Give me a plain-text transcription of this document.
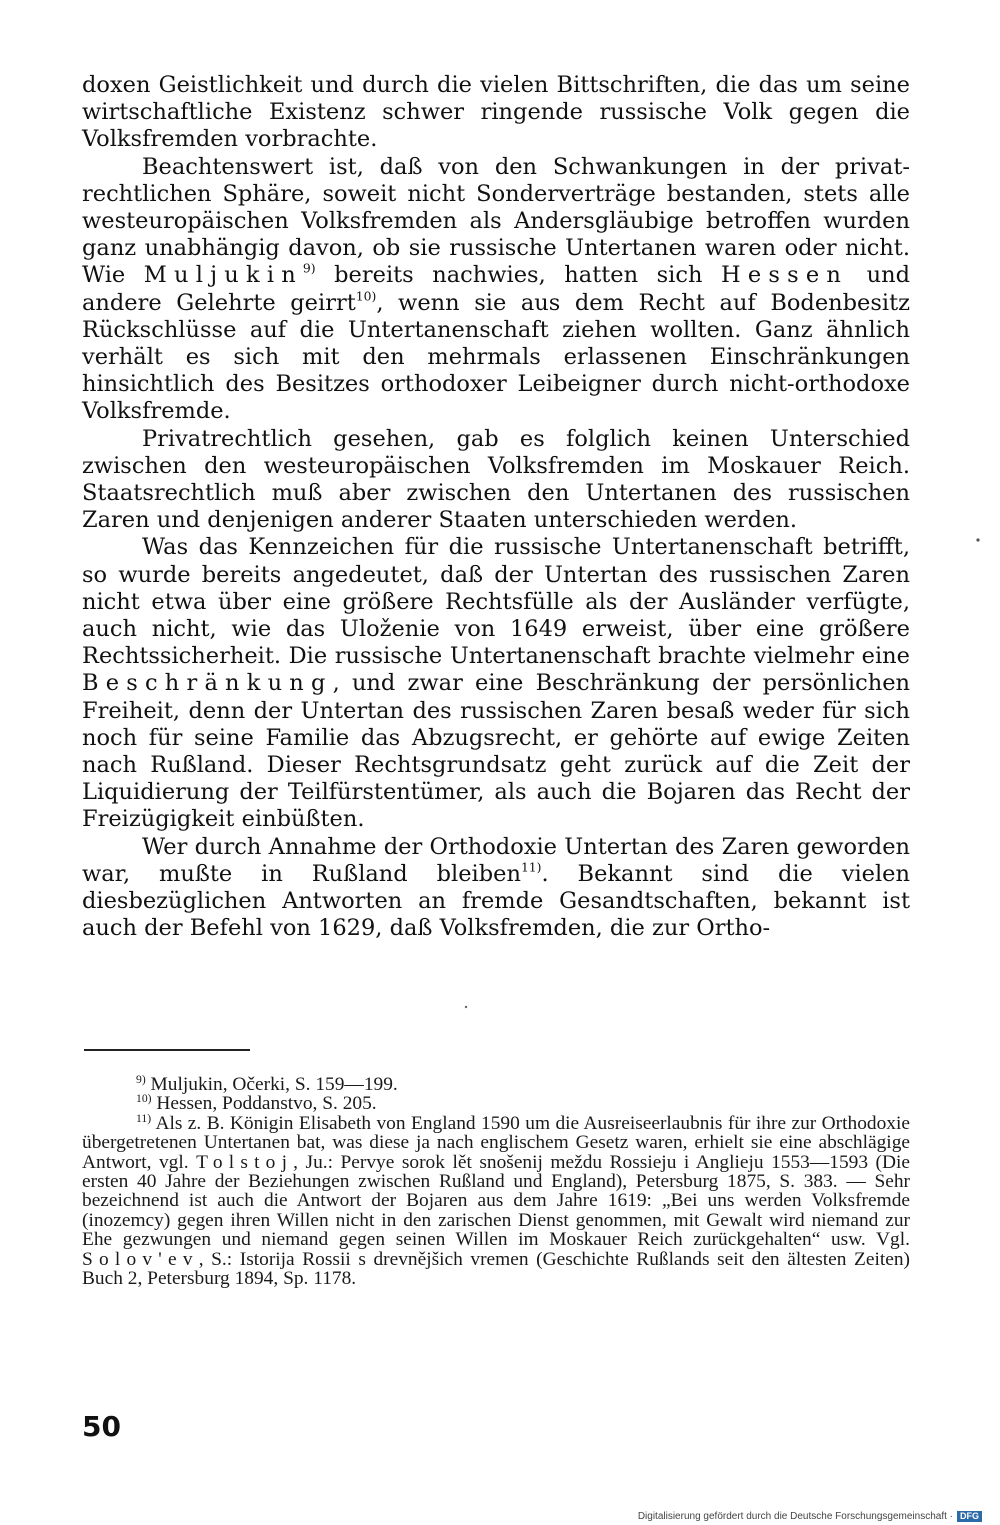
doxen Geistlichkeit und durch die vielen Bittschriften, die das um seine wirtschaftliche Existenz schwer ringende russische Volk gegen die Volksfremden vorbrachte.

Beachtenswert ist, daß von den Schwankungen in der privatrechtlichen Sphäre, soweit nicht Sonderverträge bestanden, stets alle westeuropäischen Volksfremden als Andersgläubige betroffen wurden ganz unabhängig davon, ob sie russische Untertanen waren oder nicht. Wie Muljukin$^{9)}$ bereits nachwies, hatten sich Hessen und andere Gelehrte geirrt$^{10)}$, wenn sie aus dem Recht auf Bodenbesitz Rückschlüsse auf die Untertanenschaft ziehen wollten. Ganz ähnlich verhält es sich mit den mehrmals erlassenen Einschränkungen hinsichtlich des Besitzes orthodoxer Leibeigner durch nicht-orthodoxe Volksfremde.

Privatrechtlich gesehen, gab es folglich keinen Unterschied zwischen den westeuropäischen Volksfremden im Moskauer Reich. Staatsrechtlich muß aber zwischen den Untertanen des russischen Zaren und denjenigen anderer Staaten unterschieden werden.

Was das Kennzeichen für die russische Untertanenschaft betrifft, so wurde bereits angedeutet, daß der Untertan des russischen Zaren nicht etwa über eine größere Rechtsfülle als der Ausländer verfügte, auch nicht, wie das Uloženie von 1649 erweist, über eine größere Rechtssicherheit. Die russische Untertanenschaft brachte vielmehr eine Beschränkung, und zwar eine Beschränkung der persönlichen Freiheit, denn der Untertan des russischen Zaren besaß weder für sich noch für seine Familie das Abzugsrecht, er gehörte auf ewige Zeiten nach Rußland. Dieser Rechtsgrundsatz geht zurück auf die Zeit der Liquidierung der Teilfürstentümer, als auch die Bojaren das Recht der Freizügigkeit einbüßten.

Wer durch Annahme der Orthodoxie Untertan des Zaren geworden war, mußte in Rußland bleiben$^{11)}$. Bekannt sind die vielen diesbezüglichen Antworten an fremde Gesandtschaften, bekannt ist auch der Befehl von 1629, daß Volksfremden, die zur Ortho-

$^{9)}$ Muljukin, Očerki, S. 159—199.

$^{10)}$ Hessen, Poddanstvo, S. 205.

$^{11)}$ Als z. B. Königin Elisabeth von England 1590 um die Ausreiseerlaubnis für ihre zur Orthodoxie übergetretenen Untertanen bat, was diese ja nach englischem Gesetz waren, erhielt sie eine abschlägige Antwort, vgl. Tolstoj, Ju.: Pervye sorok lět snošenij meždu Rossieju i Anglieju 1553—1593 (Die ersten 40 Jahre der Beziehungen zwischen Rußland und England), Petersburg 1875, S. 383. — Sehr bezeichnend ist auch die Antwort der Bojaren aus dem Jahre 1619: „Bei uns werden Volksfremde (inozemcy) gegen ihren Willen nicht in den zarischen Dienst genommen, mit Gewalt wird niemand zur Ehe gezwungen und niemand gegen seinen Willen im Moskauer Reich zurückgehalten“ usw. Vgl. Solov'ev, S.: Istorija Rossii s drevnějšich vremen (Geschichte Rußlands seit den ältesten Zeiten) Buch 2, Petersburg 1894, Sp. 1178.

50
Digitalisierung gefördert durch die Deutsche Forschungsgemeinschaft · DFG
